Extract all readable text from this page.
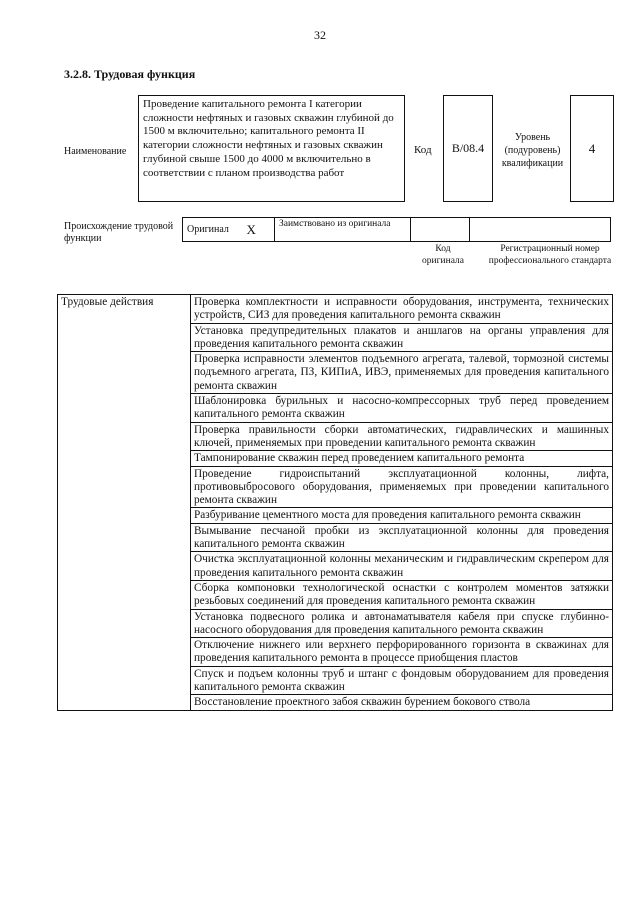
32
3.2.8. Трудовая функция
Наименование
Проведение капитального ремонта I категории сложности нефтяных и газовых скважин глубиной до 1500 м включительно; капитального ремонта II категории сложности нефтяных и газовых скважин глубиной свыше 1500 до 4000 м включительно в соответствии с планом производства работ
Код B/08.4
Уровень (подуровень) квалификации
4
Происхождение трудовой функции
Оригинал	X	Заимствовано из оригинала		
Код оригинала
Регистрационный номер профессионального стандарта
Трудовые действия	Проверка комплектности и исправности оборудования, инструмента, технических устройств, СИЗ для проведения капитального ремонта скважин
Установка предупредительных плакатов и аншлагов на органы управления для проведения капитального ремонта скважин
Проверка исправности элементов подъемного агрегата, талевой, тормозной системы подъемного агрегата, ПЗ, КИПиА, ИВЭ, применяемых для проведения капитального ремонта скважин
Шаблонировка бурильных и насосно-компрессорных труб перед проведением капитального ремонта скважин
Проверка правильности сборки автоматических, гидравлических и машинных ключей, применяемых при проведении капитального ремонта скважин
Тампонирование скважин перед проведением капитального ремонта
Проведение гидроиспытаний эксплуатационной колонны, лифта, противовыбросового оборудования, применяемых при проведении капитального ремонта скважин
Разбуривание цементного моста для проведения капитального ремонта скважин
Вымывание песчаной пробки из эксплуатационной колонны для проведения капитального ремонта скважин
Очистка эксплуатационной колонны механическим и гидравлическим скрепером для проведения капитального ремонта скважин
Сборка компоновки технологической оснастки с контролем моментов затяжки резьбовых соединений для проведения капитального ремонта скважин
Установка подвесного ролика и автонаматывателя кабеля при спуске глубинно-насосного оборудования для проведения капитального ремонта скважин
Отключение нижнего или верхнего перфорированного горизонта в скважинах для проведения капитального ремонта в процессе приобщения пластов
Спуск и подъем колонны труб и штанг с фондовым оборудованием для проведения капитального ремонта скважин
Восстановление проектного забоя скважин бурением бокового ствола
